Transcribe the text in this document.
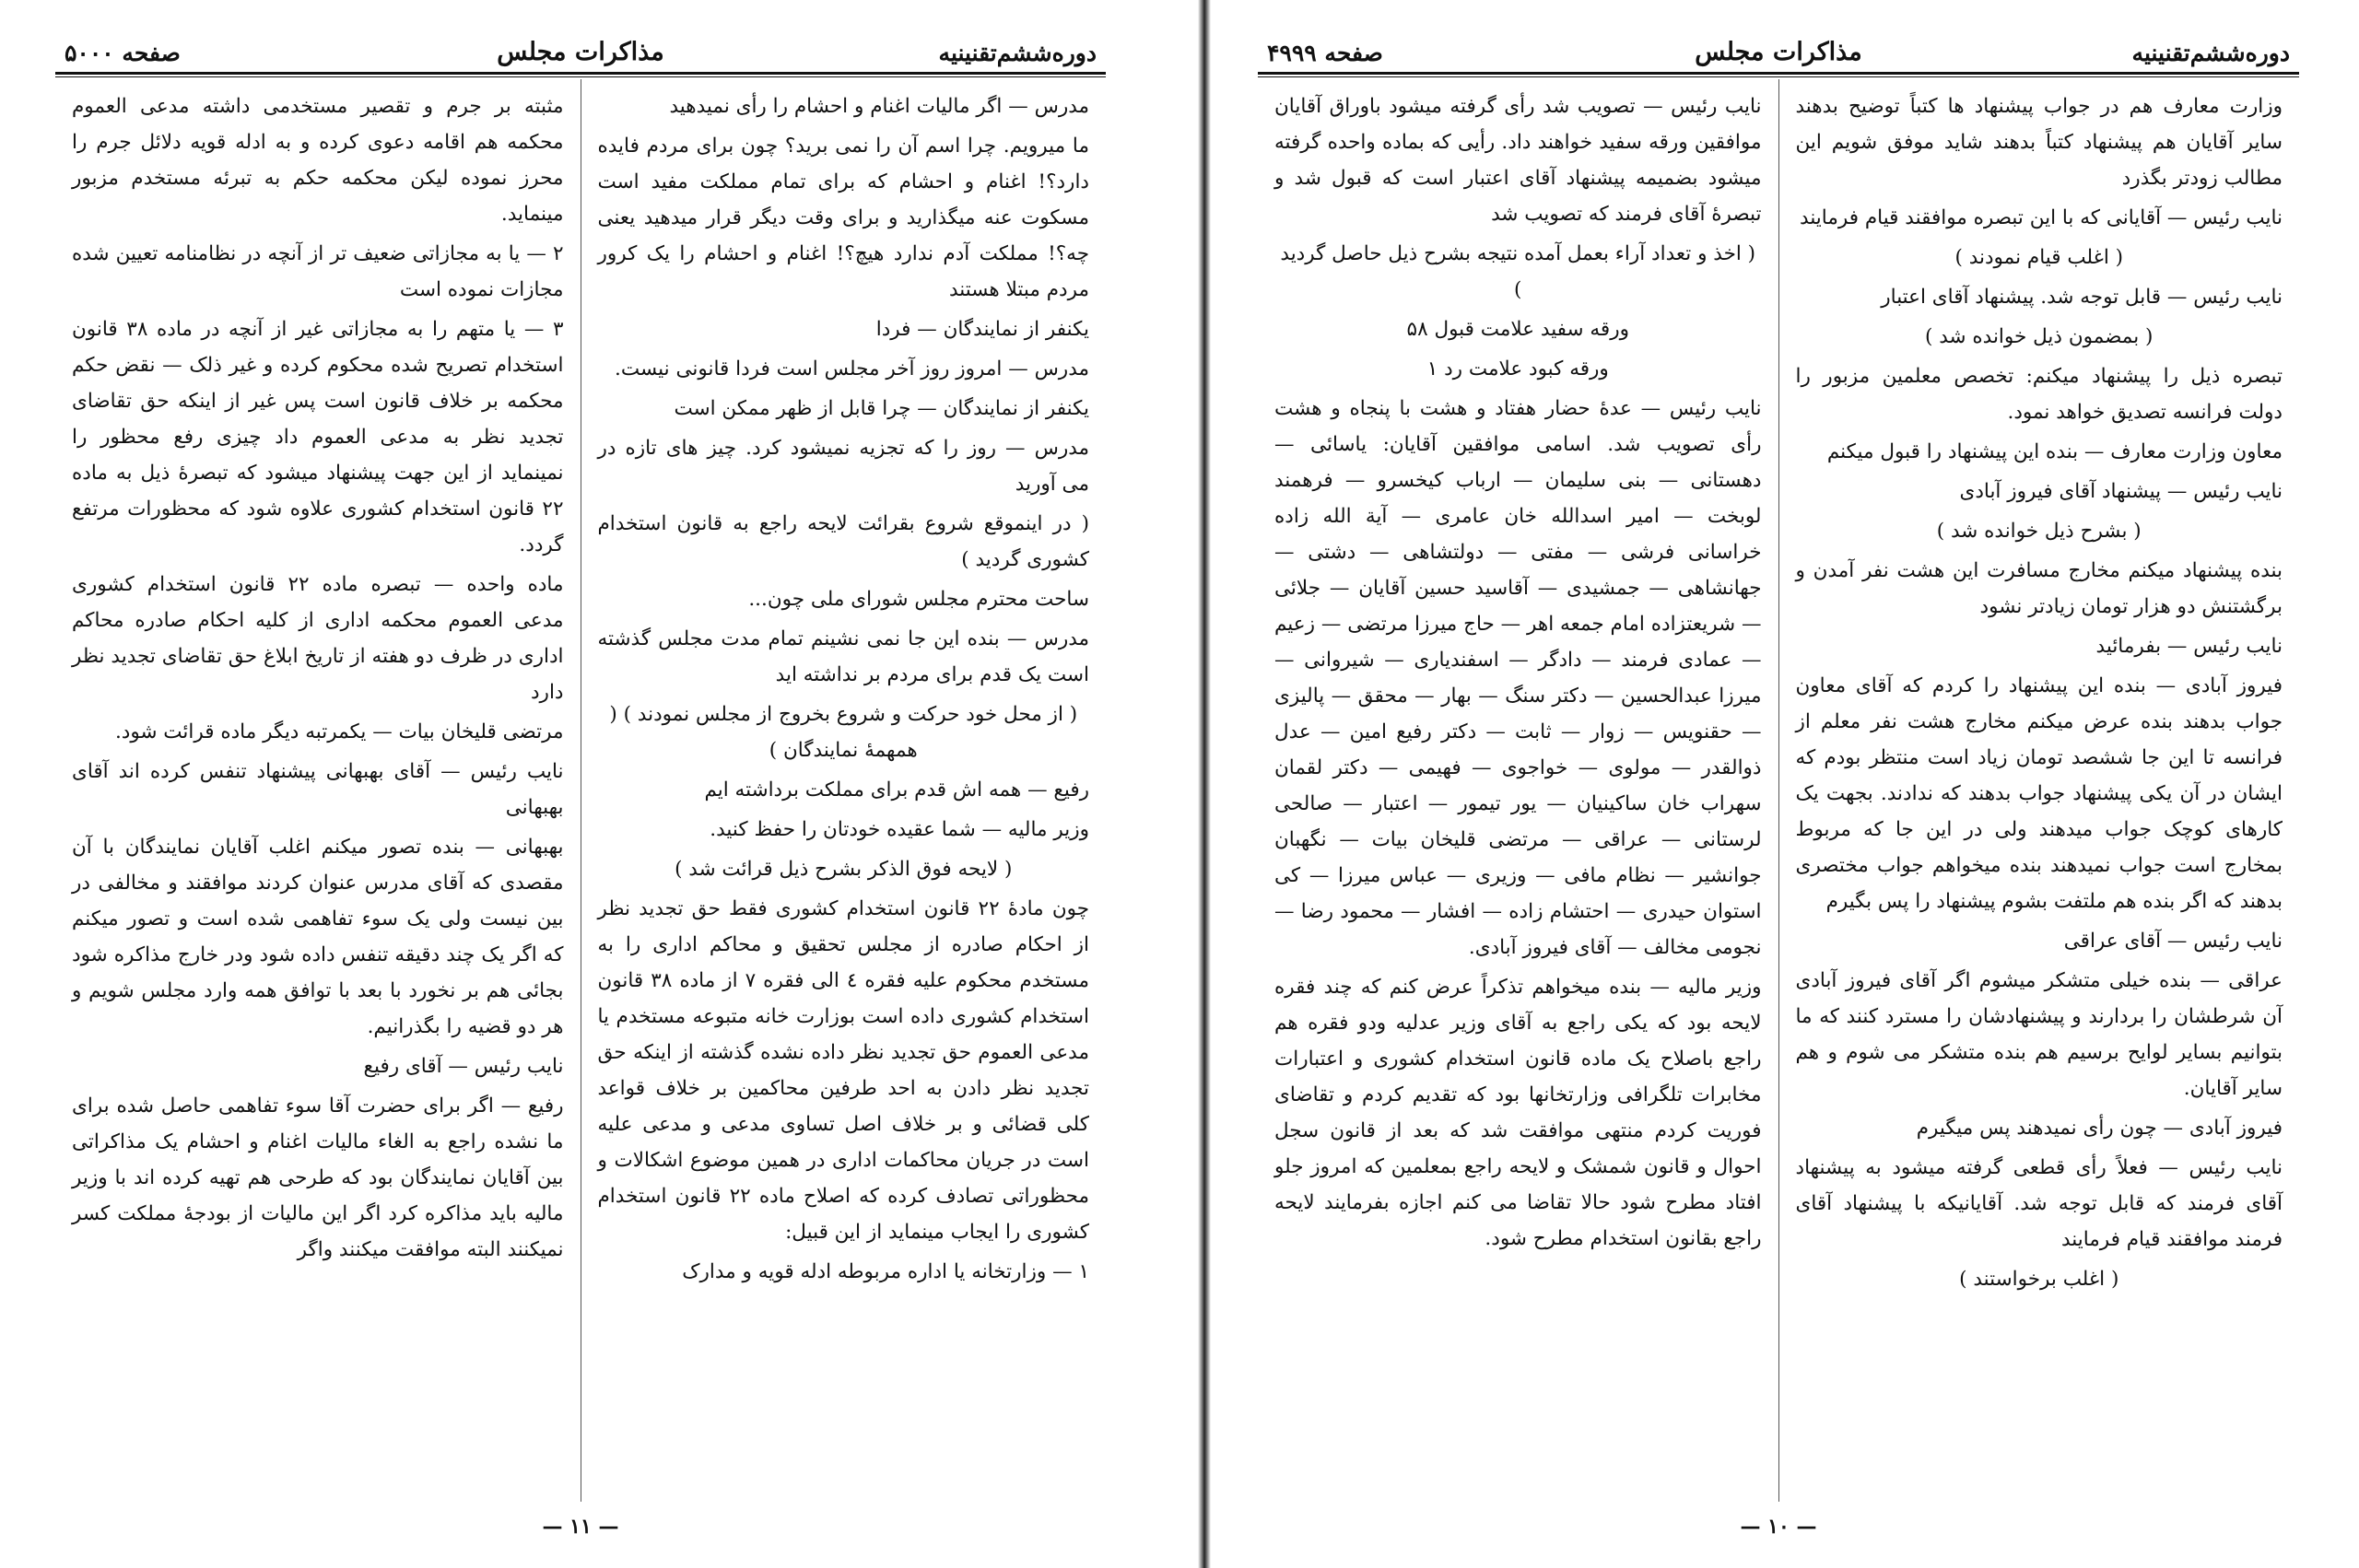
دوره‌ششم‌تقنینیه
مذاکرات مجلس
صفحه ۵۰۰۰

مدرس — اگر مالیات اغنام و احشام را رأی نمیدهید

ما میرویم. چرا اسم آن را نمی برید؟ چون برای مردم فایده دارد؟! اغنام و احشام که برای تمام مملکت مفید است مسکوت عنه میگذارید و برای وقت دیگر قرار میدهید یعنی چه؟! مملکت آدم ندارد هیچ؟! اغنام و احشام را یک کرور مردم مبتلا هستند

یکنفر از نمایندگان — فردا

مدرس — امروز روز آخر مجلس است فردا قانونی نیست.

یکنفر از نمایندگان — چرا قابل از ظهر ممکن است

مدرس — روز را که تجزیه نمیشود کرد. چیز های تازه در می آورید

( در اینموقع شروع بقرائت لایحه راجع به قانون استخدام کشوری گردید )

ساحت محترم مجلس شورای ملی چون...

مدرس — بنده این جا نمی نشینم تمام مدت مجلس گذشته است یک قدم برای مردم بر نداشته اید

( از محل خود حرکت و شروع بخروج از مجلس نمودند ) ( همهمهٔ نمایندگان )

رفیع — همه اش قدم برای مملکت برداشته ایم

وزیر مالیه — شما عقیده خودتان را حفظ کنید.

( لایحه فوق الذکر بشرح ذیل قرائت شد )

چون مادهٔ ۲۲ قانون استخدام کشوری فقط حق تجدید نظر از احکام صادره از مجلس تحقیق و محاکم اداری را به مستخدم محکوم علیه فقره ٤ الی فقره ۷ از ماده ۳۸ قانون استخدام کشوری داده است بوزارت خانه متبوعه مستخدم یا مدعی العموم حق تجدید نظر داده نشده گذشته از اینکه حق تجدید نظر دادن به احد طرفین محاکمین بر خلاف قواعد کلی قضائی و بر خلاف اصل تساوی مدعی و مدعی علیه است در جریان محاکمات اداری در همین موضوع اشکالات و محظوراتی تصادف کرده که اصلاح ماده ۲۲ قانون استخدام کشوری را ایجاب مینماید از این قبیل:

۱ — وزارتخانه یا اداره مربوطه ادله قویه و مدارک

مثبته بر جرم و تقصیر مستخدمی داشته مدعی العموم محکمه هم اقامه دعوی کرده و به ادله قویه دلائل جرم را محرز نموده لیکن محکمه حکم به تبرئه مستخدم مزبور مینماید.

۲ — یا به مجازاتی ضعیف تر از آنچه در نظامنامه تعیین شده مجازات نموده است

۳ — یا متهم را به مجازاتی غیر از آنچه در ماده ۳۸ قانون استخدام تصریح شده محکوم کرده و غیر ذلک — نقض حکم محکمه بر خلاف قانون است پس غیر از اینکه حق تقاضای تجدید نظر به مدعی العموم داد چیزی رفع محظور را نمینماید از این جهت پیشنهاد میشود که تبصرهٔ ذیل به ماده ۲۲ قانون استخدام کشوری علاوه شود که محظورات مرتفع گردد.

ماده واحده — تبصره ماده ۲۲ قانون استخدام کشوری مدعی العموم محکمه اداری از کلیه احکام صادره محاکم اداری در ظرف دو هفته از تاریخ ابلاغ حق تقاضای تجدید نظر دارد

مرتضی قلیخان بیات — یکمرتبه دیگر ماده قرائت شود.

نایب رئیس — آقای بهبهانی پیشنهاد تنفس کرده اند آقای بهبهانی

بهبهانی — بنده تصور میکنم اغلب آقایان نمایندگان با آن مقصدی که آقای مدرس عنوان کردند موافقند و مخالفی در بین نیست ولی یک سوء تفاهمی شده است و تصور میکنم که اگر یک چند دقیقه تنفس داده شود ودر خارج مذاکره شود بجائی هم بر نخورد با بعد با توافق همه وارد مجلس شویم و هر دو قضیه را بگذرانیم.

نایب رئیس — آقای رفیع

رفیع — اگر برای حضرت آقا سوء تفاهمی حاصل شده برای ما نشده راجع به الغاء مالیات اغنام و احشام یک مذاکراتی بین آقایان نمایندگان بود که طرحی هم تهیه کرده اند با وزیر مالیه باید مذاکره کرد اگر این مالیات از بودجهٔ مملکت کسر نمیکنند البته موافقت میکنند واگر

— ۱۱ —
دوره‌ششم‌تقنینیه
مذاکرات مجلس
صفحه ۴۹۹۹

وزارت معارف هم در جواب پیشنهاد ها کتباً توضیح بدهند سایر آقایان هم پیشنهاد کتباً بدهند شاید موفق شویم این مطالب زودتر بگذرد

نایب رئیس — آقایانی که با این تبصره موافقند قیام فرمایند

( اغلب قیام نمودند )

نایب رئیس — قابل توجه شد. پیشنهاد آقای اعتبار

( بمضمون ذیل خوانده شد )

تبصره ذیل را پیشنهاد میکنم: تخصص معلمین مزبور را دولت فرانسه تصدیق خواهد نمود.

معاون وزارت معارف — بنده این پیشنهاد را قبول میکنم

نایب رئیس — پیشنهاد آقای فیروز آبادی

( بشرح ذیل خوانده شد )

بنده پیشنهاد میکنم مخارج مسافرت این هشت نفر آمدن و برگشتنش دو هزار تومان زیادتر نشود

نایب رئیس — بفرمائید

فیروز آبادی — بنده این پیشنهاد را کردم که آقای معاون جواب بدهند بنده عرض میکنم مخارج هشت نفر معلم از فرانسه تا این جا ششصد تومان زیاد است منتظر بودم که ایشان در آن یکی پیشنهاد جواب بدهند که ندادند. بجهت یک کارهای کوچک جواب میدهند ولی در این جا که مربوط بمخارج است جواب نمیدهند بنده میخواهم جواب مختصری بدهند که اگر بنده هم ملتفت بشوم پیشنهاد را پس بگیرم

نایب رئیس — آقای عراقی

عراقی — بنده خیلی متشکر میشوم اگر آقای فیروز آبادی آن شرطشان را بردارند و پیشنهادشان را مسترد کنند که ما بتوانیم بسایر لوایح برسیم هم بنده متشکر می شوم و هم سایر آقایان.

فیروز آبادی — چون رأی نمیدهند پس میگیرم

نایب رئیس — فعلاً رأی قطعی گرفته میشود به پیشنهاد آقای فرمند که قابل توجه شد. آقایانیکه با پیشنهاد آقای فرمند موافقند قیام فرمایند

( اغلب برخواستند )

نایب رئیس — تصویب شد رأی گرفته میشود باوراق آقایان موافقین ورقه سفید خواهند داد. رأیی که بماده واحده گرفته میشود بضمیمه پیشنهاد آقای اعتبار است که قبول شد و تبصرهٔ آقای فرمند که تصویب شد

( اخذ و تعداد آراء بعمل آمده نتیجه بشرح ذیل حاصل گردید )

ورقه سفید علامت قبول ۵۸

ورقه کبود علامت رد ۱

نایب رئیس — عدهٔ حضار هفتاد و هشت با پنجاه و هشت رأی تصویب شد. اسامی موافقین آقایان: یاسائی — دهستانی — بنی سلیمان — ارباب کیخسرو — فرهمند لوبخت — امیر اسدالله خان عامری — آیة الله زاده خراسانی فرشی — مفتی — دولتشاهی — دشتی — جهانشاهی — جمشیدی — آقاسید حسین آقایان — جلائی — شریعتزاده امام جمعه اهر — حاج میرزا مرتضی — زعیم — عمادی فرمند — دادگر — اسفندیاری — شیروانی — میرزا عبدالحسین — دکتر سنگ — بهار — محقق — پالیزی — حقنویس — زوار — ثابت — دکتر رفیع امین — عدل ذوالقدر — مولوی — خواجوی — فهیمی — دکتر لقمان سهراب خان ساکینیان — یور تیمور — اعتبار — صالحی لرستانی — عراقی — مرتضی قلیخان بیات — نگهبان جوانشیر — نظام مافی — وزیری — عباس میرزا — کی استوان حیدری — احتشام زاده — افشار — محمود رضا — نجومی مخالف — آقای فیروز آبادی.

وزیر مالیه — بنده میخواهم تذکراً عرض کنم که چند فقره لایحه بود که یکی راجع به آقای وزیر عدلیه ودو فقره هم راجع باصلاح یک ماده قانون استخدام کشوری و اعتبارات مخابرات تلگرافی وزارتخانها بود که تقدیم کردم و تقاضای فوریت کردم منتهی موافقت شد که بعد از قانون سجل احوال و قانون شمشک و لایحه راجع بمعلمین که امروز جلو افتاد مطرح شود حالا تقاضا می کنم اجازه بفرمایند لایحه راجع بقانون استخدام مطرح شود.

— ۱۰ —
